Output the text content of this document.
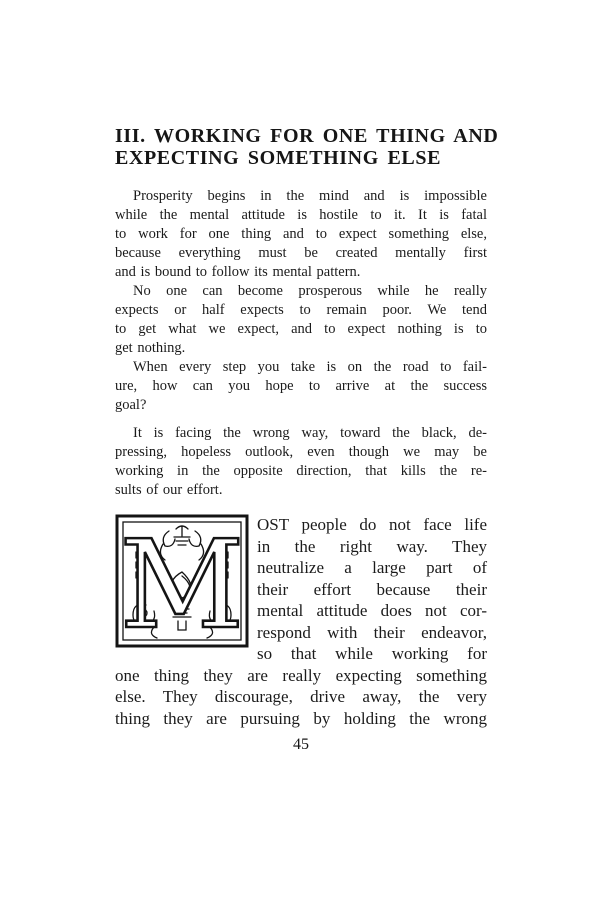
III. WORKING FOR ONE THING AND
EXPECTING SOMETHING ELSE
Prosperity begins in the mind and is impossible
while the mental attitude is hostile to it. It is fatal
to work for one thing and to expect something else,
because everything must be created mentally first
and is bound to follow its mental pattern.
No one can become prosperous while he really
expects or half expects to remain poor. We tend
to get what we expect, and to expect nothing is to
get nothing.
When every step you take is on the road to fail-
ure, how can you hope to arrive at the success
goal?
It is facing the wrong way, toward the black, de-
pressing, hopeless outlook, even though we may be
working in the opposite direction, that kills the re-
sults of our effort.
M OST people do not face life
in the right way. They
neutralize a large part of
their effort because their
mental attitude does not cor-
respond with their endeavor,
so that while working for
one thing they are really expecting something
else. They discourage, drive away, the very
thing they are pursuing by holding the wrong
45
